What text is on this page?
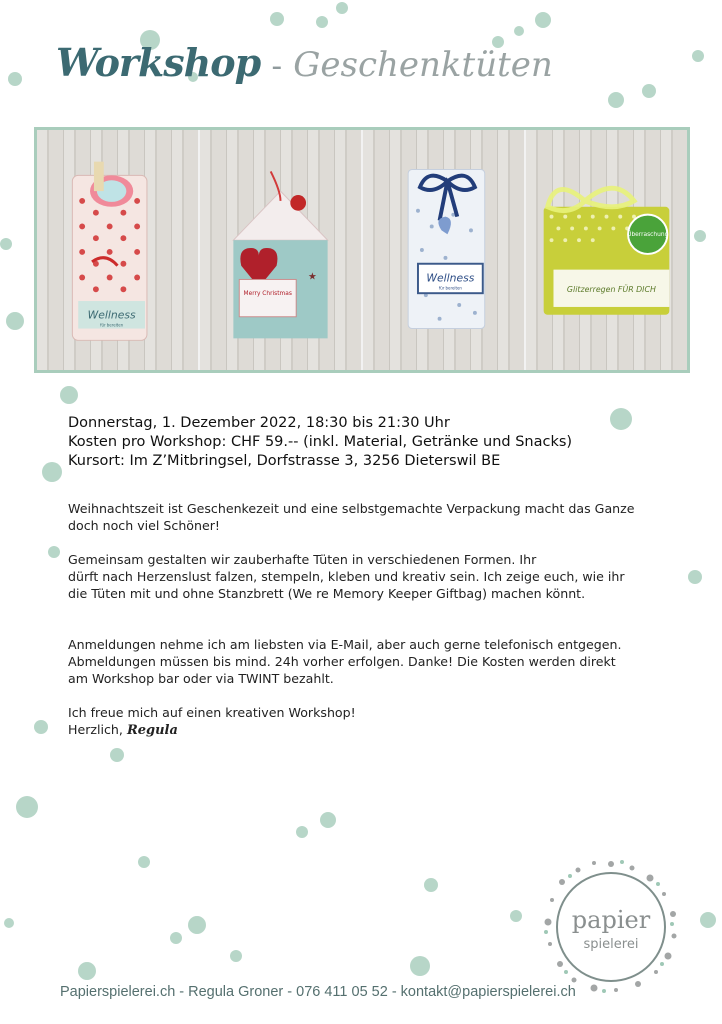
Workshop - Geschenktüten
Wellness
für bereiten
Merry Christmas
★	Wellness
für bereiten
Überraschung
Glitzerregen FÜR DICH
Donnerstag, 1. Dezember 2022, 18:30 bis 21:30 Uhr
Kosten pro Workshop: CHF 59.-- (inkl. Material, Getränke und Snacks)
Kursort: Im Z’Mitbringsel, Dorfstrasse 3, 3256 Dieterswil BE

Weihnachtszeit ist Geschenkezeit und eine selbstgemachte Verpackung macht das Ganze

doch noch viel Schöner!

Gemeinsam gestalten wir zauberhafte Tüten in verschiedenen Formen. Ihr

dürft nach Herzenslust falzen, stempeln, kleben und kreativ sein. Ich zeige euch, wie ihr

die Tüten mit und ohne Stanzbrett (We re Memory Keeper Giftbag) machen könnt.

Anmeldungen nehme ich am liebsten via E-Mail, aber auch gerne telefonisch entgegen.

Abmeldungen müssen bis mind. 24h vorher erfolgen. Danke! Die Kosten werden direkt

am Workshop bar oder via TWINT bezahlt.

Ich freue mich auf einen kreativen Workshop!

Herzlich, Regula

papier
spielerei
Papierspielerei.ch - Regula Groner - 076 411 05 52 - kontakt@papierspielerei.ch
